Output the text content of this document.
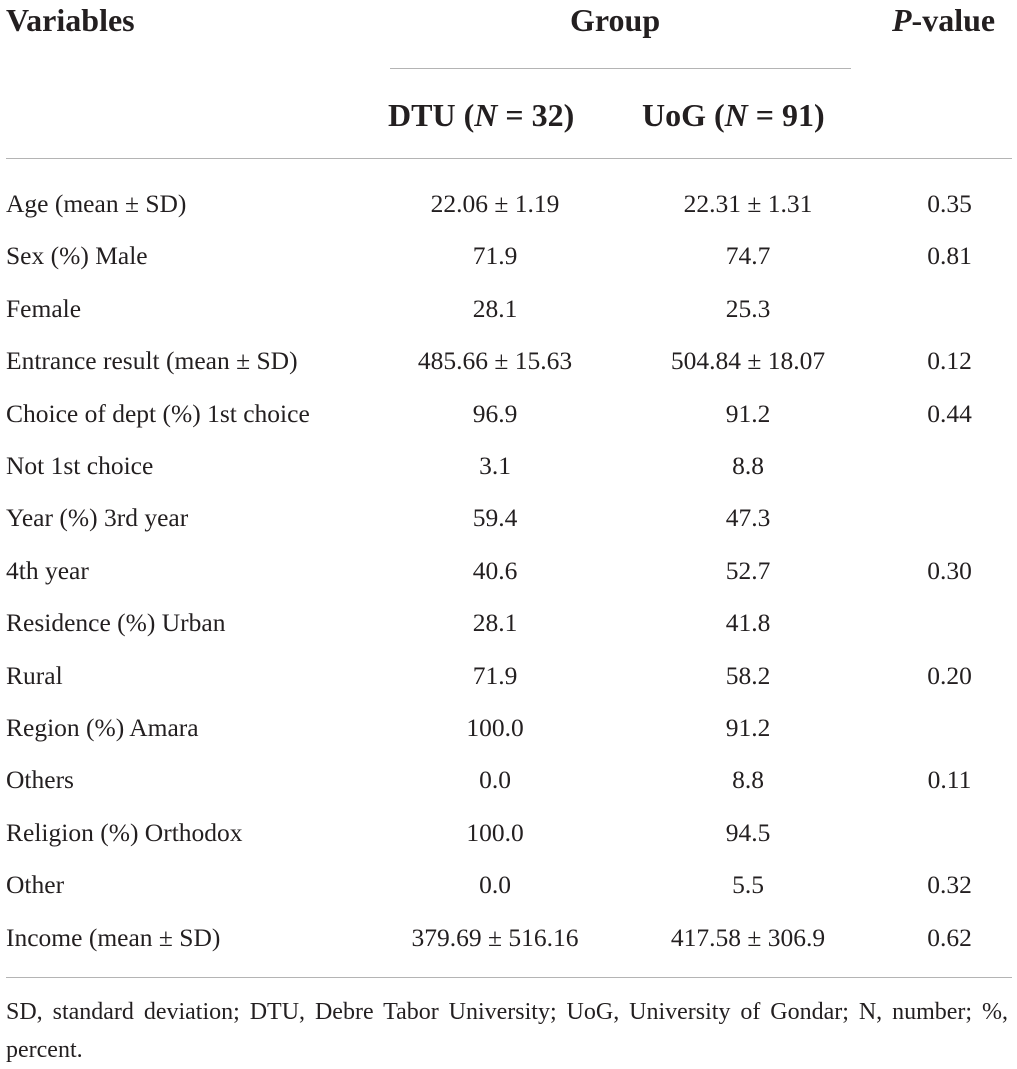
Variables	Group	P-value
DTU (N = 32) UoG (N = 91)
Age (mean ± SD)	22.06 ± 1.19	22.31 ± 1.31	0.35
Sex (%) Male	71.9	74.7	0.81
Female	28.1	25.3
Entrance result (mean ± SD)	485.66 ± 15.63	504.84 ± 18.07	0.12
Choice of dept (%) 1st choice	96.9	91.2	0.44
Not 1st choice	3.1	8.8
Year (%) 3rd year	59.4	47.3
4th year	40.6	52.7	0.30
Residence (%) Urban	28.1	41.8
Rural	71.9	58.2	0.20
Region (%) Amara	100.0	91.2
Others	0.0	8.8	0.11
Religion (%) Orthodox	100.0	94.5
Other	0.0	5.5	0.32
Income (mean ± SD)	379.69 ± 516.16	417.58 ± 306.9	0.62

SD, standard deviation; DTU, Debre Tabor University; UoG, University of Gondar; N, number; %, percent.
